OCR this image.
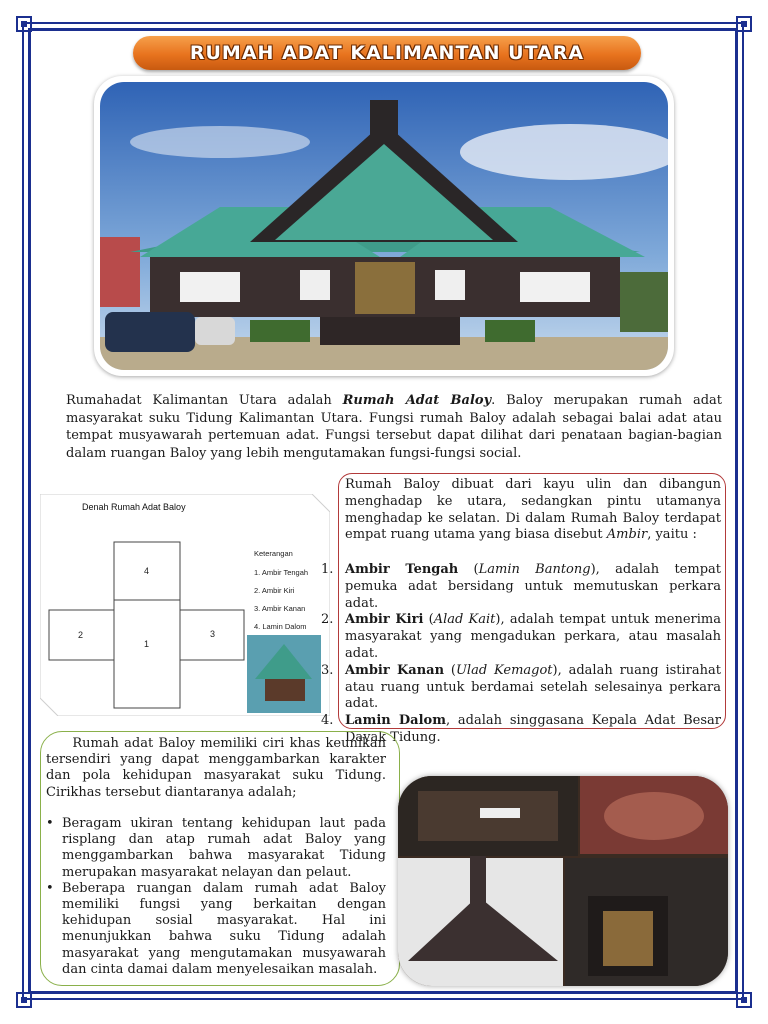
RUMAH ADAT KALIMANTAN UTARA
Rumahadat Kalimantan Utara adalah Rumah Adat Baloy. Baloy merupakan rumah adat masyarakat suku Tidung Kalimantan Utara. Fungsi rumah Baloy adalah sebagai balai adat atau tempat musyawarah pertemuan adat. Fungsi tersebut dapat dilihat dari penataan bagian-bagian dalam ruangan Baloy yang lebih mengutamakan fungsi-fungsi social.
Denah Rumah Adat Baloy
Keterangan
1. Ambir Tengah
2. Ambir Kiri
3. Ambir Kanan
4. Lamin Dalom
1
2	3
4
Rumah Baloy dibuat dari kayu ulin dan dibangun menghadap ke utara, sedangkan pintu utamanya menghadap ke selatan. Di dalam Rumah Baloy terdapat empat ruang utama yang biasa disebut Ambir, yaitu :
1. Ambir Tengah (Lamin Bantong), adalah tempat pemuka adat bersidang untuk memutuskan perkara adat.
2. Ambir Kiri (Alad Kait), adalah tempat untuk menerima masyarakat yang mengadukan perkara, atau masalah adat.
3. Ambir Kanan (Ulad Kemagot), adalah ruang istirahat atau ruang untuk berdamai setelah selesainya perkara adat.
4. Lamin Dalom, adalah singgasana Kepala Adat Besar Dayak Tidung.
Rumah adat Baloy memiliki ciri khas keunikan tersendiri yang dapat menggambarkan karakter dan pola kehidupan masyarakat suku Tidung. Cirikhas tersebut diantaranya adalah;
• Beragam ukiran tentang kehidupan laut pada risplang dan atap rumah adat Baloy yang menggambarkan bahwa masyarakat Tidung merupakan masyarakat nelayan dan pelaut.
• Beberapa ruangan dalam rumah adat Baloy memiliki fungsi yang berkaitan dengan kehidupan sosial masyarakat. Hal ini menunjukkan bahwa suku Tidung adalah masyarakat yang mengutamakan musyawarah dan cinta damai dalam menyelesaikan masalah.
